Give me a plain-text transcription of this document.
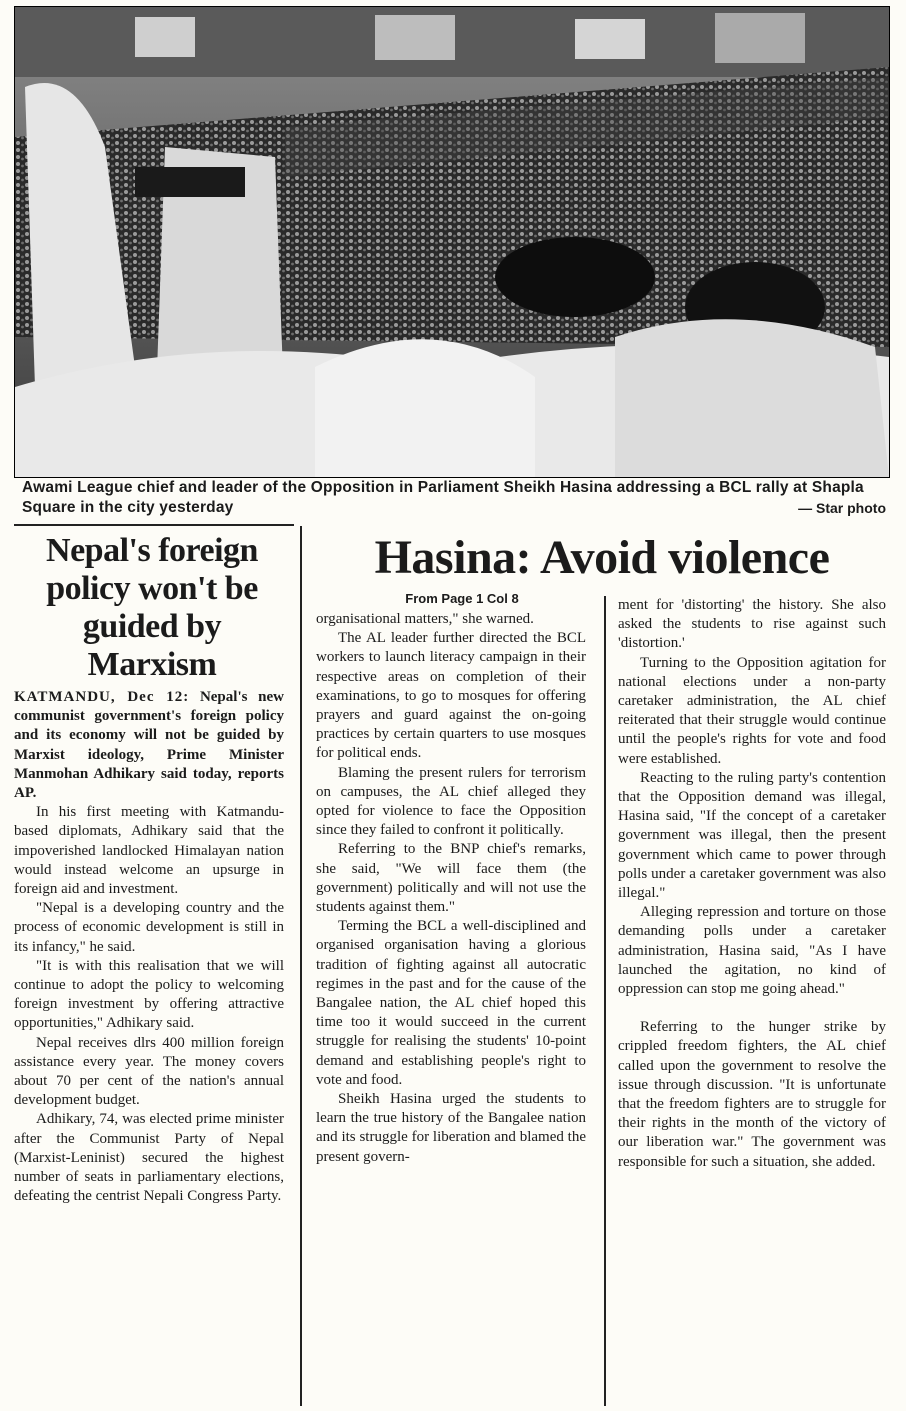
Awami League chief and leader of the Opposition in Parliament Sheikh Hasina addressing a BCL rally at Shapla Square in the city yesterday	— Star photo
Nepal's foreign policy won't be guided by Marxism
Hasina: Avoid violence

KATMANDU, Dec 12: Nepal's new communist government's foreign policy and its economy will not be guided by Marxist ideology, Prime Minister Manmohan Adhikary said today, reports AP.

In his first meeting with Katmandu-based diplomats, Adhikary said that the impoverished landlocked Himalayan nation would instead welcome an upsurge in foreign aid and investment.

"Nepal is a developing country and the process of economic development is still in its infancy," he said.

"It is with this realisation that we will continue to adopt the policy to welcoming foreign investment by offering attractive opportunities," Adhikary said.

Nepal receives dlrs 400 million foreign assistance every year. The money covers about 70 per cent of the nation's annual development budget.

Adhikary, 74, was elected prime minister after the Communist Party of Nepal (Marxist-Leninist) secured the highest number of seats in parliamentary elections, defeating the centrist Nepali Congress Party.

From Page 1 Col 8

organisational matters," she warned.

The AL leader further directed the BCL workers to launch literacy campaign in their respective areas on completion of their examinations, to go to mosques for offering prayers and guard against the on-going practices by certain quarters to use mosques for political ends.

Blaming the present rulers for terrorism on campuses, the AL chief alleged they opted for violence to face the Opposition since they failed to confront it politically.

Referring to the BNP chief's remarks, she said, "We will face them (the government) politically and will not use the students against them."

Terming the BCL a well-disciplined and organised organisation having a glorious tradition of fighting against all autocratic regimes in the past and for the cause of the Bangalee nation, the AL chief hoped this time too it would succeed in the current struggle for realising the students' 10-point demand and establishing people's right to vote and food.

Sheikh Hasina urged the students to learn the true history of the Bangalee nation and its struggle for liberation and blamed the present govern-

ment for 'distorting' the history. She also asked the students to rise against such 'distortion.'

Turning to the Opposition agitation for national elections under a non-party caretaker administration, the AL chief reiterated that their struggle would continue until the people's rights for vote and food were established.

Reacting to the ruling party's contention that the Opposition demand was illegal, Hasina said, "If the concept of a caretaker government was illegal, then the present government which came to power through polls under a caretaker government was also illegal."

Alleging repression and torture on those demanding polls under a caretaker administration, Hasina said, "As I have launched the agitation, no kind of oppression can stop me going ahead."

Referring to the hunger strike by crippled freedom fighters, the AL chief called upon the government to resolve the issue through discussion. "It is unfortunate that the freedom fighters are to struggle for their rights in the month of the victory of our liberation war." The government was responsible for such a situation, she added.
